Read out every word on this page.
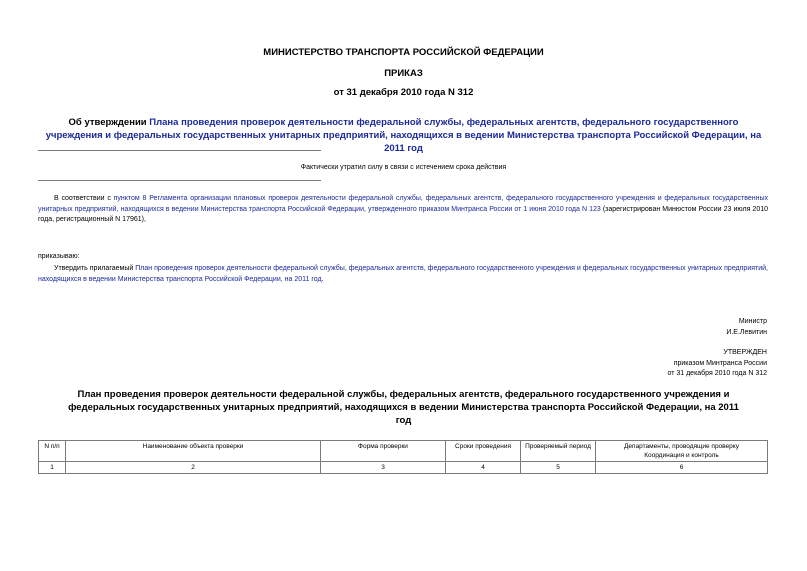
МИНИСТЕРСТВО ТРАНСПОРТА РОССИЙСКОЙ ФЕДЕРАЦИИ
ПРИКАЗ
от 31 декабря 2010 года N 312
Об утверждении Плана проведения проверок деятельности федеральной службы, федеральных агентств, федерального государственного учреждения и федеральных государственных унитарных предприятий, находящихся в ведении Министерства транспорта Российской Федерации, на 2011 год
Фактически утратил силу в связи с истечением срока действия
В соответствии с пунктом 8 Регламента организации плановых проверок деятельности федеральной службы, федеральных агентств, федерального государственного учреждения и федеральных государственных унитарных предприятий, находящихся в ведении Министерства транспорта Российской Федерации, утвержденного приказом Минтранса России от 1 июня 2010 года N 123 (зарегистрирован Минюстом России 23 июля 2010 года, регистрационный N 17961),
приказываю:
Утвердить прилагаемый План проведения проверок деятельности федеральной службы, федеральных агентств, федерального государственного учреждения и федеральных государственных унитарных предприятий, находящихся в ведении Министерства транспорта Российской Федерации, на 2011 год.
Министр
И.Е.Левитин
УТВЕРЖДЕН
приказом Минтранса России
от 31 декабря 2010 года N 312
План проведения проверок деятельности федеральной службы, федеральных агентств, федерального государственного учреждения и федеральных государственных унитарных предприятий, находящихся в ведении Министерства транспорта Российской Федерации, на 2011 год
N п/п	Наименование объекта проверки	Форма проверки	Сроки проведения	Проверяемый период	Департаменты, проводящие проверку Координация и контроль
1	2	3	4	5	6
